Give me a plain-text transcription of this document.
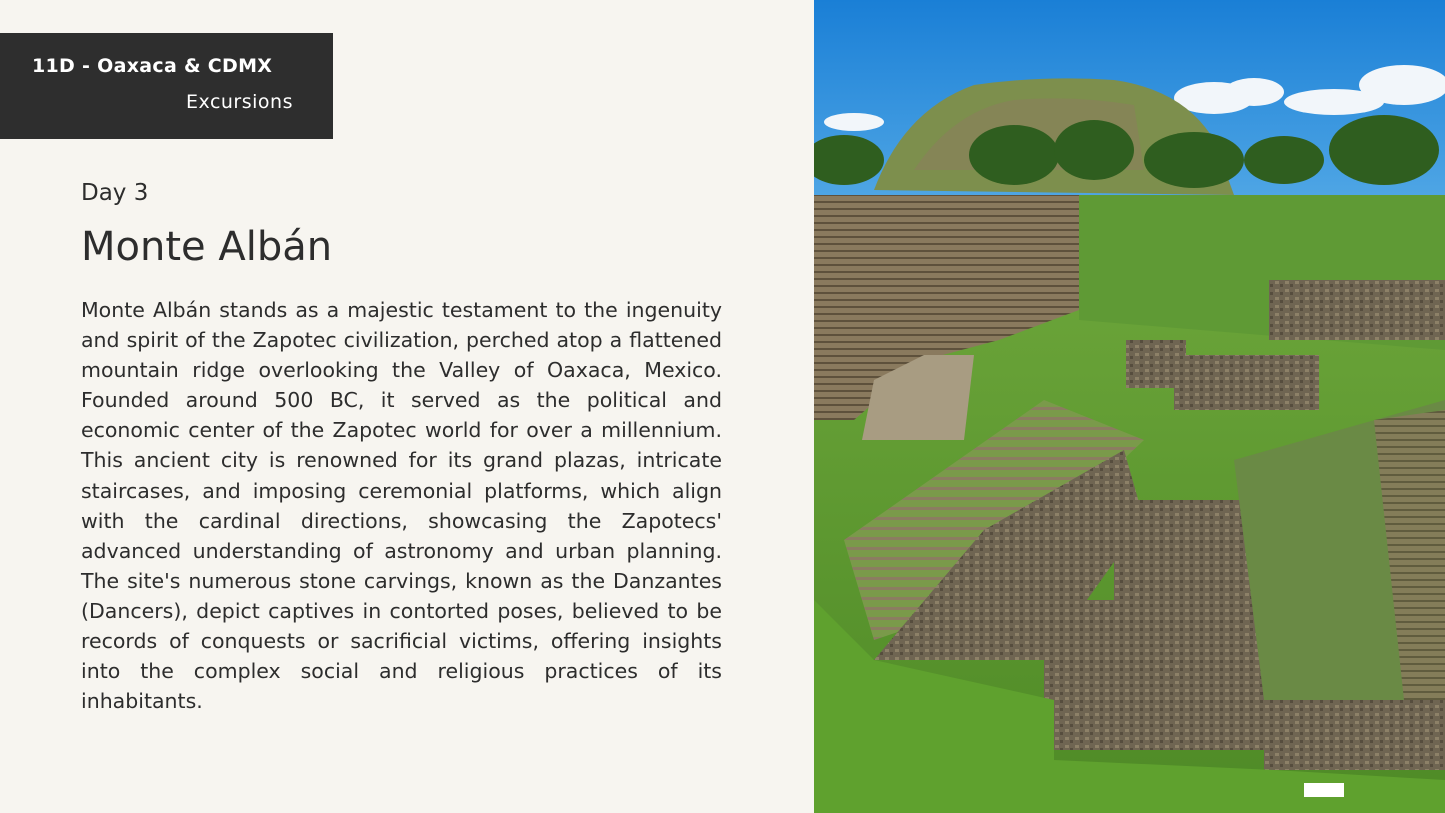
11D - Oaxaca & CDMX
Excursions
Day 3
Monte Albán

Monte Albán stands as a majestic testament to the ingenuity and spirit of the Zapotec civilization, perched atop a flattened mountain ridge overlooking the Valley of Oaxaca, Mexico. Founded around 500 BC, it served as the political and economic center of the Zapotec world for over a millennium. This ancient city is renowned for its grand plazas, intricate staircases, and imposing ceremonial platforms, which align with the cardinal directions, showcasing the Zapotecs' advanced understanding of astronomy and urban planning. The site's numerous stone carvings, known as the Danzantes (Dancers), depict captives in contorted poses, believed to be records of conquests or sacrificial victims, offering insights into the complex social and religious practices of its inhabitants.
